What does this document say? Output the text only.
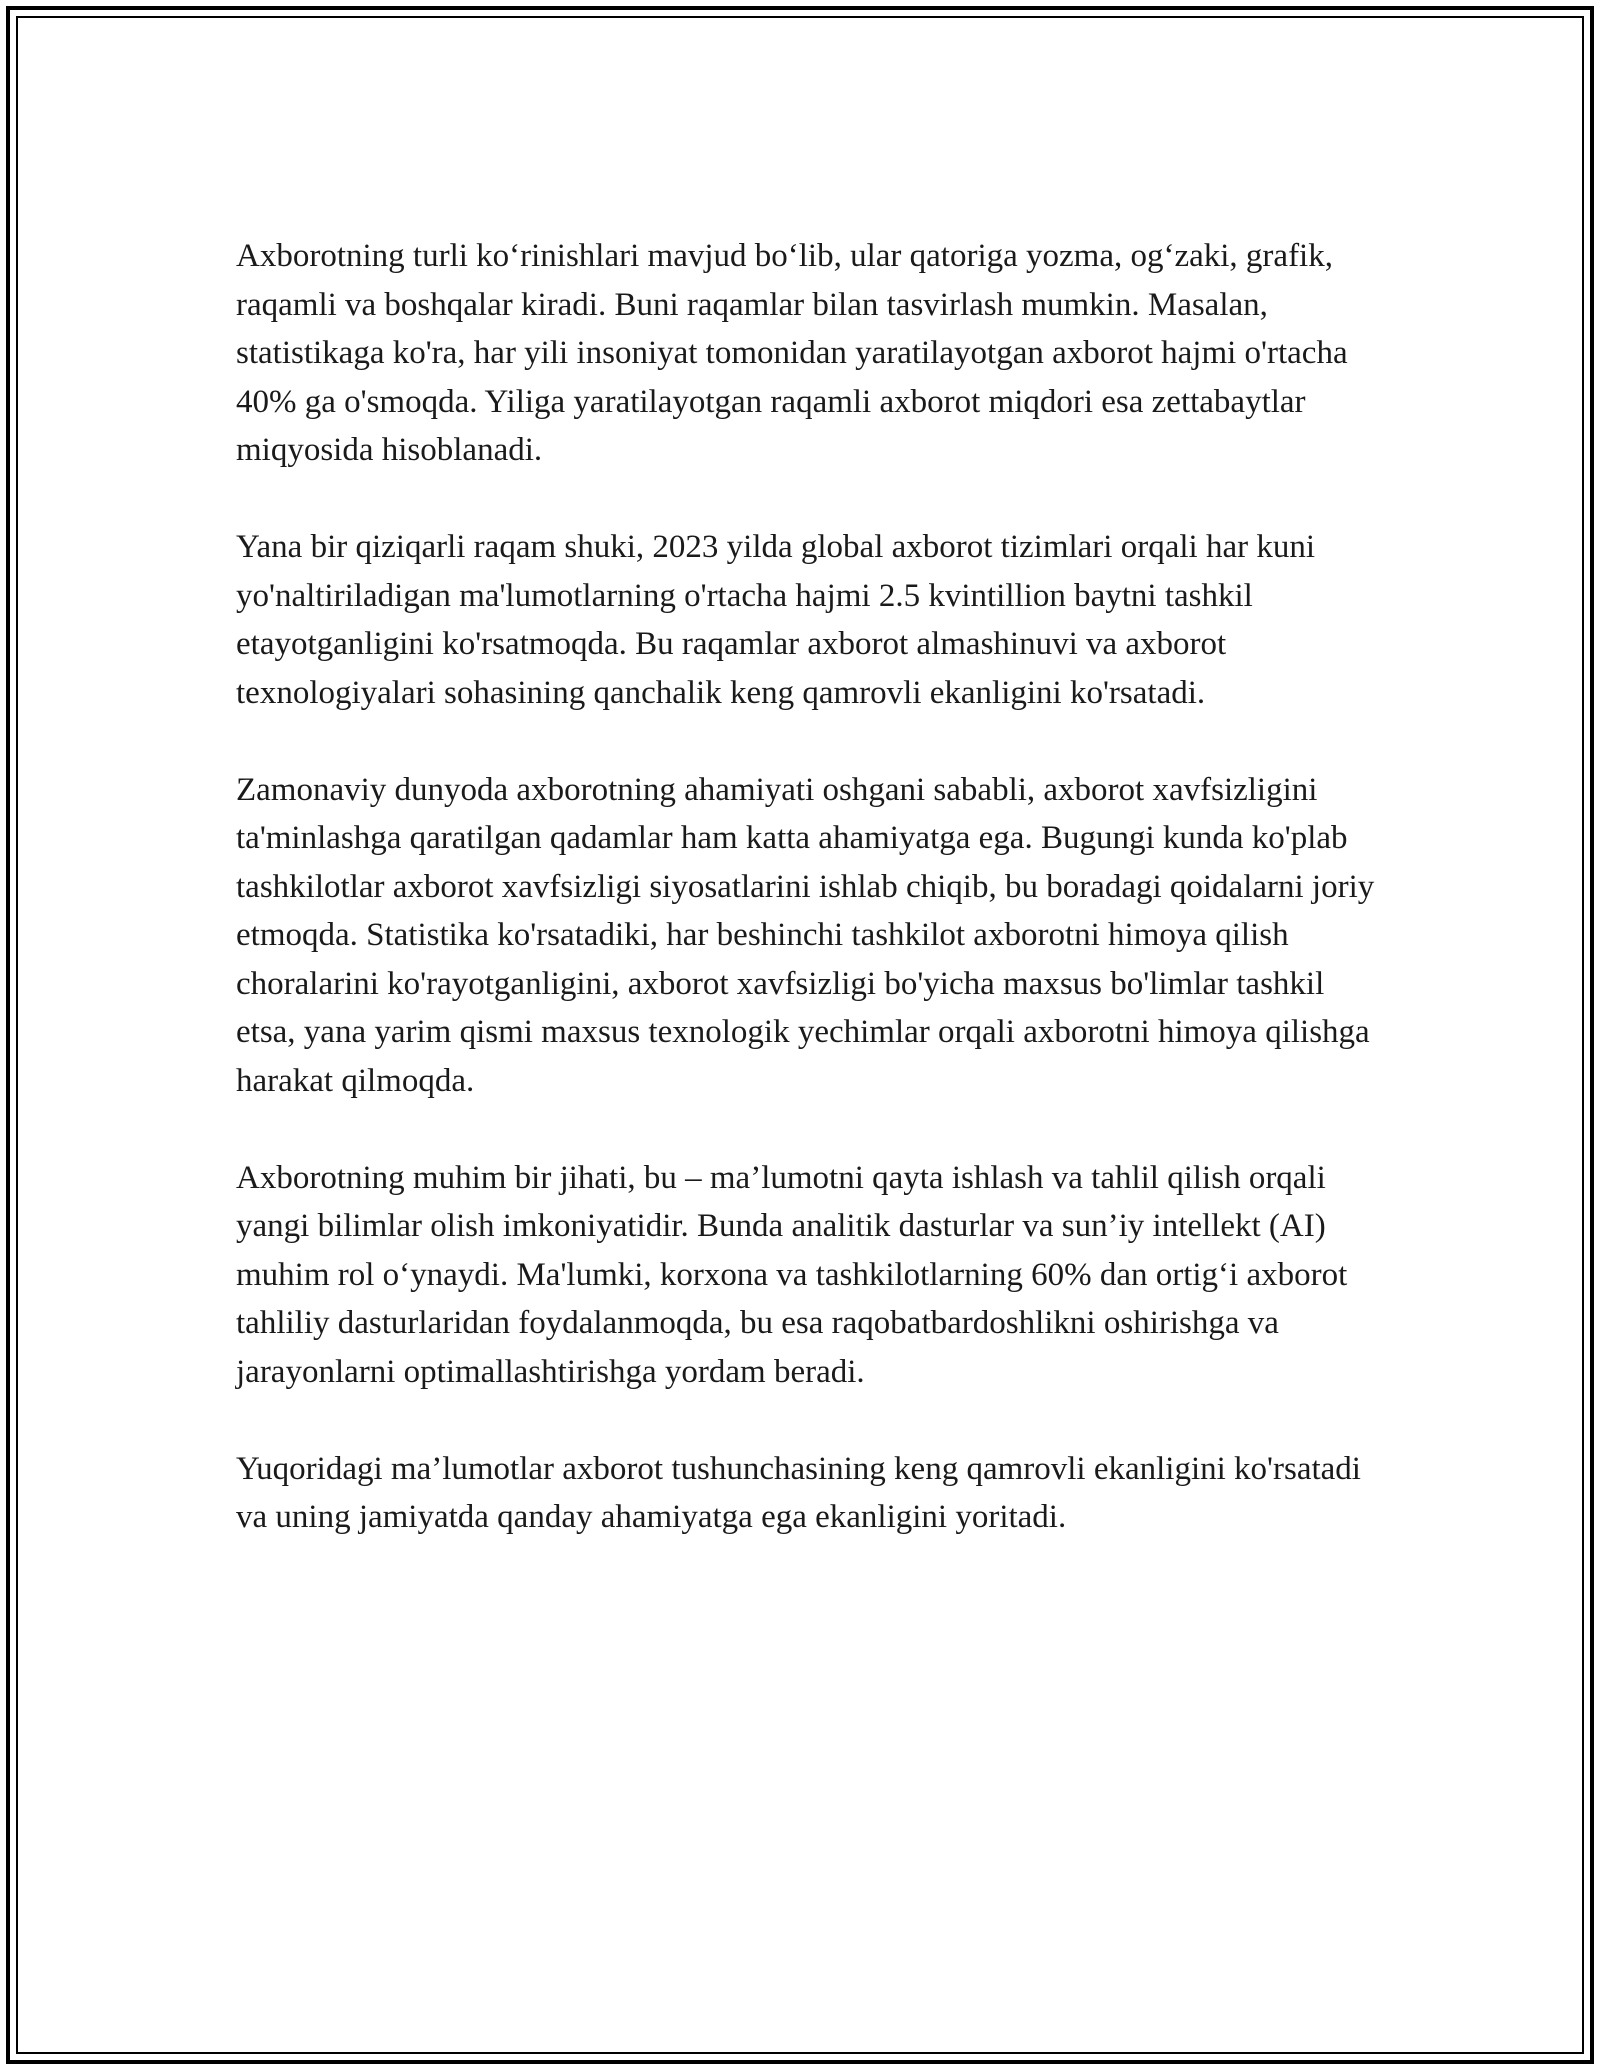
Axborotning turli ko‘rinishlari mavjud bo‘lib, ular qatoriga yozma, og‘zaki, grafik, raqamli va boshqalar kiradi. Buni raqamlar bilan tasvirlash mumkin. Masalan, statistikaga ko'ra, har yili insoniyat tomonidan yaratilayotgan axborot hajmi o'rtacha 40% ga o'smoqda. Yiliga yaratilayotgan raqamli axborot miqdori esa zettabaytlar miqyosida hisoblanadi.

Yana bir qiziqarli raqam shuki, 2023 yilda global axborot tizimlari orqali har kuni yo'naltiriladigan ma'lumotlarning o'rtacha hajmi 2.5 kvintillion baytni tashkil etayotganligini ko'rsatmoqda. Bu raqamlar axborot almashinuvi va axborot texnologiyalari sohasining qanchalik keng qamrovli ekanligini ko'rsatadi.

Zamonaviy dunyoda axborotning ahamiyati oshgani sababli, axborot xavfsizligini ta'minlashga qaratilgan qadamlar ham katta ahamiyatga ega. Bugungi kunda ko'plab tashkilotlar axborot xavfsizligi siyosatlarini ishlab chiqib, bu boradagi qoidalarni joriy etmoqda. Statistika ko'rsatadiki, har beshinchi tashkilot axborotni himoya qilish choralarini ko'rayotganligini, axborot xavfsizligi bo'yicha maxsus bo'limlar tashkil etsa, yana yarim qismi maxsus texnologik yechimlar orqali axborotni himoya qilishga harakat qilmoqda.

Axborotning muhim bir jihati, bu – ma’lumotni qayta ishlash va tahlil qilish orqali yangi bilimlar olish imkoniyatidir. Bunda analitik dasturlar va sun’iy intellekt (AI) muhim rol o‘ynaydi. Ma'lumki, korxona va tashkilotlarning 60% dan ortig‘i axborot tahliliy dasturlaridan foydalanmoqda, bu esa raqobatbardoshlikni oshirishga va jarayonlarni optimallashtirishga yordam beradi.

Yuqoridagi ma’lumotlar axborot tushunchasining keng qamrovli ekanligini ko'rsatadi va uning jamiyatda qanday ahamiyatga ega ekanligini yoritadi.
